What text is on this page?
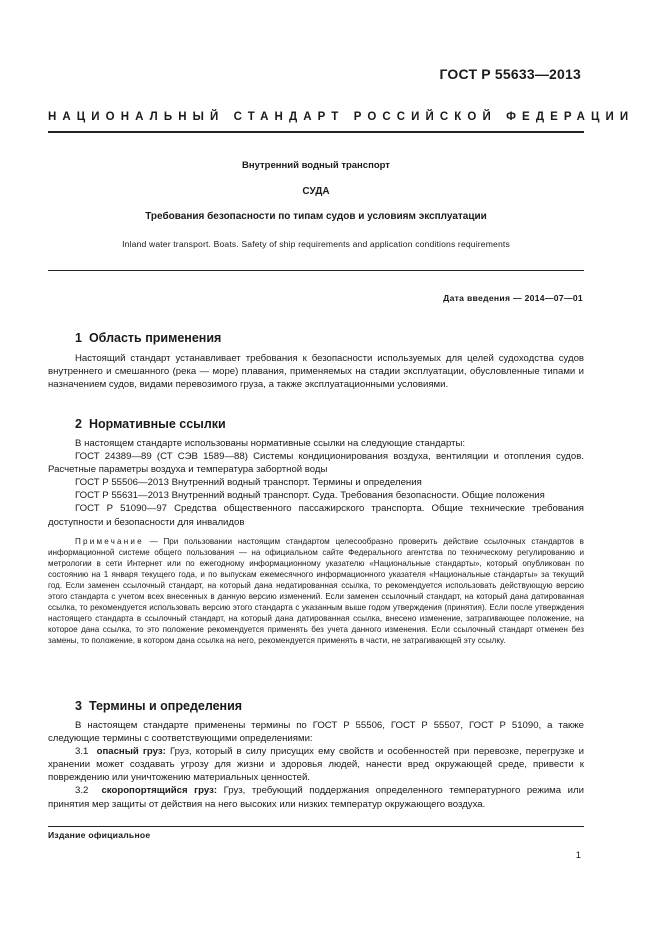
ГОСТ Р 55633—2013
НАЦИОНАЛЬНЫЙ СТАНДАРТ РОССИЙСКОЙ ФЕДЕРАЦИИ
Внутренний водный транспорт
СУДА
Требования безопасности по типам судов и условиям эксплуатации
Inland water transport. Boats. Safety of ship requirements and application conditions requirements
Дата введения — 2014—07—01
1 Область применения

Настоящий стандарт устанавливает требования к безопасности используемых для целей судоходства судов внутреннего и смешанного (река — море) плавания, применяемых на стадии эксплуатации, обусловленные типами и назначением судов, видами перевозимого груза, а также эксплуатационными условиями.

2 Нормативные ссылки

В настоящем стандарте использованы нормативные ссылки на следующие стандарты:

ГОСТ 24389—89 (СТ СЭВ 1589—88) Системы кондиционирования воздуха, вентиляции и отопления судов. Расчетные параметры воздуха и температура забортной воды

ГОСТ Р 55506—2013 Внутренний водный транспорт. Термины и определения

ГОСТ Р 55631—2013 Внутренний водный транспорт. Суда. Требования безопасности. Общие положения

ГОСТ Р 51090—97 Средства общественного пассажирского транспорта. Общие технические требования доступности и безопасности для инвалидов

Примечание — При пользовании настоящим стандартом целесообразно проверить действие ссылочных стандартов в информационной системе общего пользования — на официальном сайте Федерального агентства по техническому регулированию и метрологии в сети Интернет или по ежегодному информационному указателю «Национальные стандарты», который опубликован по состоянию на 1 января текущего года, и по выпускам ежемесячного информационного указателя «Национальные стандарты» за текущий год. Если заменен ссылочный стандарт, на который дана недатированная ссылка, то рекомендуется использовать действующую версию этого стандарта с учетом всех внесенных в данную версию изменений. Если заменен ссылочный стандарт, на который дана датированная ссылка, то рекомендуется использовать версию этого стандарта с указанным выше годом утверждения (принятия). Если после утверждения настоящего стандарта в ссылочный стандарт, на который дана датированная ссылка, внесено изменение, затрагивающее положение, на которое дана ссылка, то это положение рекомендуется применять без учета данного изменения. Если ссылочный стандарт отменен без замены, то положение, в котором дана ссылка на него, рекомендуется применять в части, не затрагивающей эту ссылку.

3 Термины и определения

В настоящем стандарте применены термины по ГОСТ Р 55506, ГОСТ Р 55507, ГОСТ Р 51090, а также следующие термины с соответствующими определениями:

3.1 опасный груз: Груз, который в силу присущих ему свойств и особенностей при перевозке, перегрузке и хранении может создавать угрозу для жизни и здоровья людей, нанести вред окружающей среде, привести к повреждению или уничтожению материальных ценностей.

3.2 скоропортящийся груз: Груз, требующий поддержания определенного температурного режима или принятия мер защиты от действия на него высоких или низких температур окружающего воздуха.

Издание официальное
1
